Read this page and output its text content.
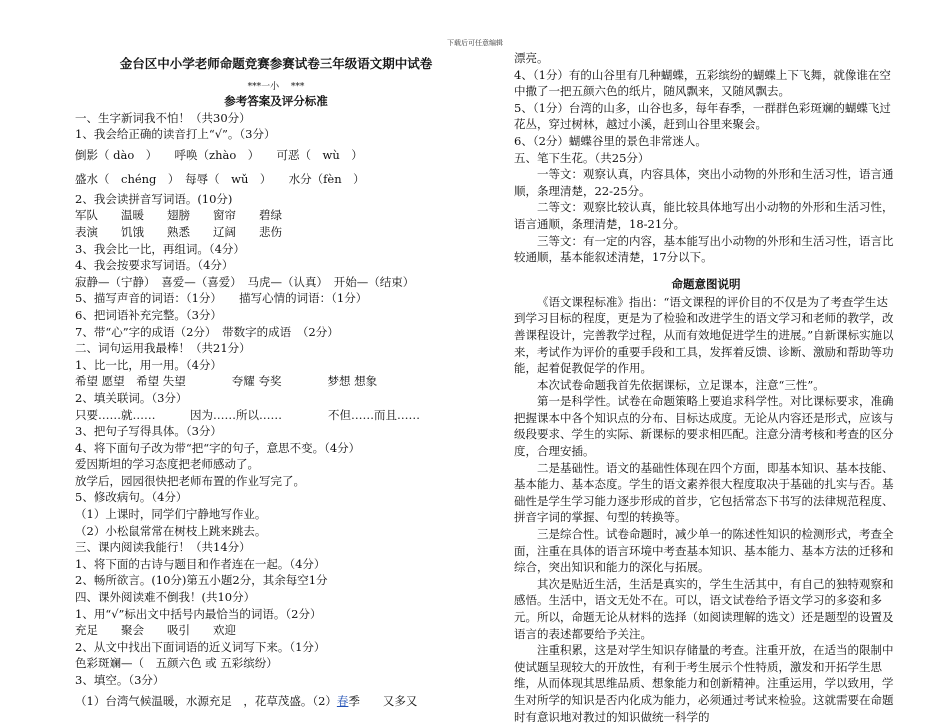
下载后可任意编辑
金台区中小学老师命题竞赛参赛试卷三年级语文期中试卷
***一小　 ***
参考答案及评分标准
一、生字新词我不怕！（共30分）
1、我会给正确的读音打上“√”。（3分）
倒影（ dào　）　　呼唤（zhào　）　　可恶（　wù　）
盛水（　chéng　）　每辱（　wǔ　）　　水分（fèn　）
2、我会读拼音写词语。(10分)
军队　　温暖　　翅膀　　窗帘　　碧绿
表演　　饥饿　　熟悉　　辽阔　　悲伤
3、我会比一比，再组词。（4分）
4、我会按要求写词语。（4分）
寂静—（宁静）　喜爱—（喜爱）　马虎—（认真）　开始—（结束）
5、描写声音的词语：（1分）　　描写心情的词语：（1分）
6、把词语补充完整。（3分）
7、带“心”字的成语（2分）　带数字的成语　（2分）
二、词句运用我最棒！（共21分）
1、比一比，用一用。（4分）
希望 愿望　希望 失望　　　　夸耀 夸奖　　　　梦想 想象
2、填关联词。（3分）
只要……就……　　　因为……所以……　　　　不但……而且……
3、把句子写得具体。（3分）
4、将下面句子改为带“把“字的句子，意思不变。（4分）
爱因斯坦的学习态度把老师感动了。
放学后，园园很快把老师布置的作业写完了。
5、修改病句。（4分）
（1）上课时，同学们宁静地写作业。
（2）小松鼠常常在树枝上跳来跳去。
三、课内阅读我能行！（共14分）
1、将下面的古诗与题目和作者连在一起。（4分）
2、畅所欲言。(10分)第五小题2分，其余每空1分
四、课外阅读难不倒我！(共10分）
1、用“√”标出文中括号内最恰当的词语。（2分）
充足　　聚会　　吸引　　欢迎
2、从文中找出下面词语的近义词写下来。（1分）
色彩斑斓—（　五颜六色 或 五彩缤纷）
3、填空。（3分）
（1）台湾气候温暖，水源充足　，花草茂盛。（2）春季　　又多又
漂亮。
4、（1分）有的山谷里有几种蝴蝶，五彩缤纷的蝴蝶上下飞舞，就像谁在空中撒了一把五颜六色的纸片，随风飘来，又随风飘去。
5、（1分）台湾的山多，山谷也多，每年春季，一群群色彩斑斓的蝴蝶飞过花丛，穿过树林，越过小溪，赶到山谷里来聚会。
6、（2分）蝴蝶谷里的景色非常迷人。
五、笔下生花。（共25分）
一等文：观察认真，内容具体，突出小动物的外形和生活习性，语言通顺，条理清楚，22-25分。
二等文：观察比较认真，能比较具体地写出小动物的外形和生活习性，语言通顺，条理清楚，18-21分。
三等文：有一定的内容，基本能写出小动物的外形和生活习性，语言比较通顺，基本能叙述清楚，17分以下。
命题意图说明
《语文课程标准》指出：“语文课程的评价目的不仅是为了考查学生达到学习目标的程度，更是为了检验和改进学生的语文学习和老师的教学，改善课程设计，完善教学过程，从而有效地促进学生的进展。”自新课标实施以来，考试作为评价的重要手段和工具，发挥着反馈、诊断、激励和帮助等功能，起着促教促学的作用。
本次试卷命题我首先依据课标，立足课本，注意“三性”。
第一是科学性。试卷在命题策略上要追求科学性。对比课标要求，准确把握课本中各个知识点的分布、目标达成度。无论从内容还是形式，应该与级段要求、学生的实际、新课标的要求相匹配。注意分清考核和考查的区分度，合理安插。
二是基础性。语文的基础性体现在四个方面，即基本知识、基本技能、基本能力、基本态度。学生的语文素养很大程度取决于基础的扎实与否。基础性是学生学习能力逐步形成的首步，它包括常态下书写的法律规范程度、拼音字词的掌握、句型的转换等。
三是综合性。试卷命题时，减少单一的陈述性知识的检测形式，考查全面，注重在具体的语言环境中考查基本知识、基本能力、基本方法的迁移和综合，突出知识和能力的深化与拓展。
其次是贴近生活，生活是真实的，学生生活其中，有自己的独特观察和感悟。生活中，语文无处不在。可以，语文试卷给予语文学习的多姿和多元。所以，命题无论从材料的选择（如阅读理解的选文）还是题型的设置及语言的表述都要给予关注。
注重积累，这是对学生知识存储量的考查。注重开放，在适当的限制中使试题呈现较大的开放性，有利于考生展示个性特质，激发和开拓学生思维，从而体现其思维品质、想象能力和创新精神。注重运用，学以致用，学生对所学的知识是否内化成为能力，必须通过考试来检验。这就需要在命题时有意识地对教过的知识做统一科学的
